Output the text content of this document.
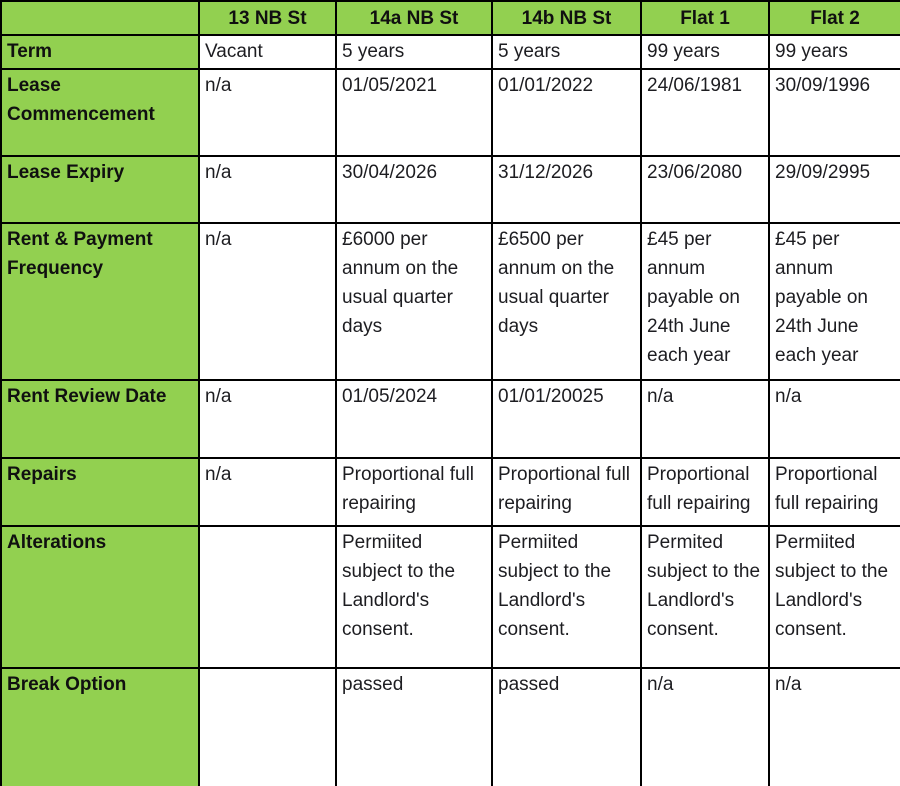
	13 NB St	14a NB St	14b NB St	Flat 1	Flat 2
Term	Vacant	5 years	5 years	99 years	99 years
Lease Commencement	n/a	01/05/2021	01/01/2022	24/06/1981	30/09/1996
Lease Expiry	n/a	30/04/2026	31/12/2026	23/06/2080	29/09/2995
Rent & Payment Frequency	n/a	£6000 per annum on the usual quarter days	£6500 per annum on the usual quarter days	£45 per annum payable on 24th June each year	£45 per annum payable on 24th June each year
Rent Review Date	n/a	01/05/2024	01/01/20025	n/a	n/a
Repairs	n/a	Proportional full repairing	Proportional full repairing	Proportional full repairing	Proportional full repairing
Alterations		Permiited subject to the Landlord's consent.	Permiited subject to the Landlord's consent.	Permited subject to the Landlord's consent.	Permiited subject to the Landlord's consent.
Break Option		passed	passed	n/a	n/a
